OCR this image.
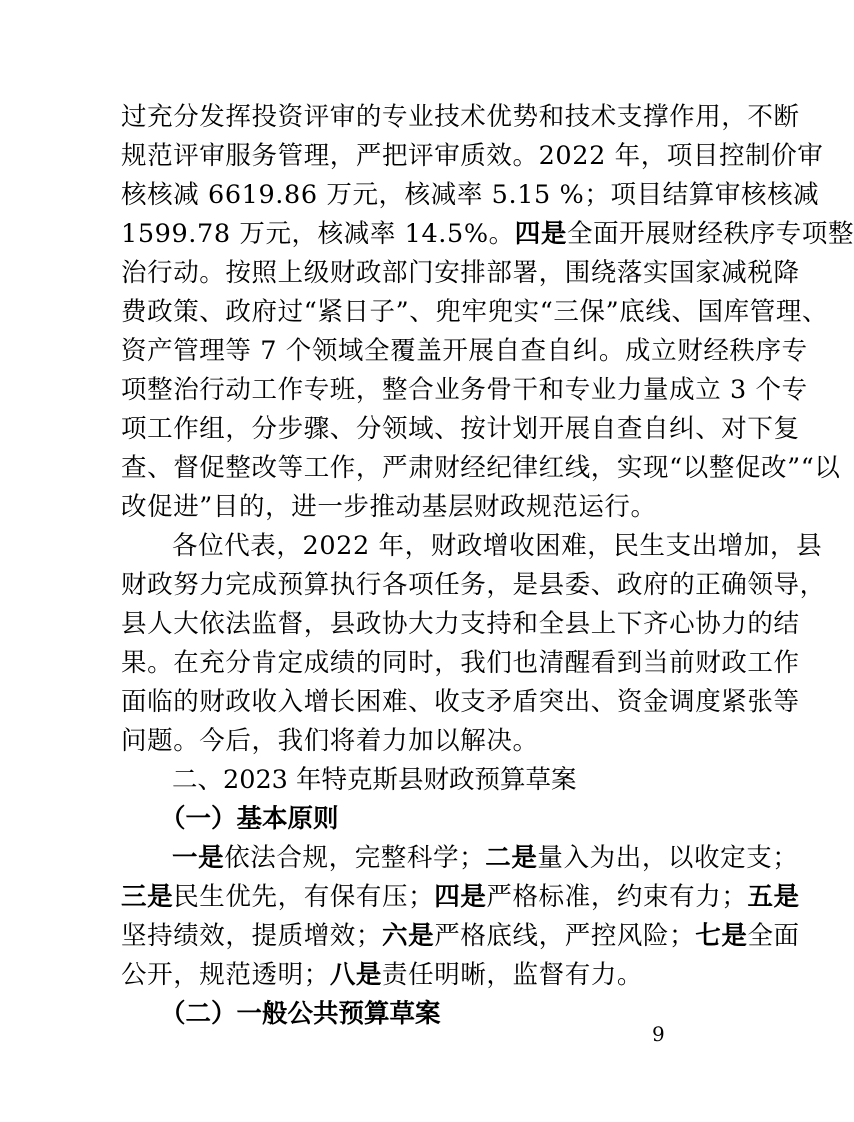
过充分发挥投资评审的专业技术优势和技术支撑作用，不断
规范评审服务管理，严把评审质效。2022 年，项目控制价审
核核减 6619.86 万元，核减率 5.15 %；项目结算审核核减
1599.78 万元，核减率 14.5%。四是全面开展财经秩序专项整
治行动。按照上级财政部门安排部署，围绕落实国家减税降
费政策、政府过“紧日子”、兜牢兜实“三保”底线、国库管理、
资产管理等 7 个领域全覆盖开展自查自纠。成立财经秩序专
项整治行动工作专班，整合业务骨干和专业力量成立 3 个专
项工作组，分步骤、分领域、按计划开展自查自纠、对下复
查、督促整改等工作，严肃财经纪律红线，实现“以整促改”“以
改促进”目的，进一步推动基层财政规范运行。
各位代表，2022 年，财政增收困难，民生支出增加，县
财政努力完成预算执行各项任务，是县委、政府的正确领导，
县人大依法监督，县政协大力支持和全县上下齐心协力的结
果。在充分肯定成绩的同时，我们也清醒看到当前财政工作
面临的财政收入增长困难、收支矛盾突出、资金调度紧张等
问题。今后，我们将着力加以解决。
二、2023 年特克斯县财政预算草案
（一）基本原则
一是依法合规，完整科学；二是量入为出，以收定支；
三是民生优先，有保有压；四是严格标准，约束有力；五是
坚持绩效，提质增效；六是严格底线，严控风险；七是全面
公开，规范透明；八是责任明晰，监督有力。
（二）一般公共预算草案
9
